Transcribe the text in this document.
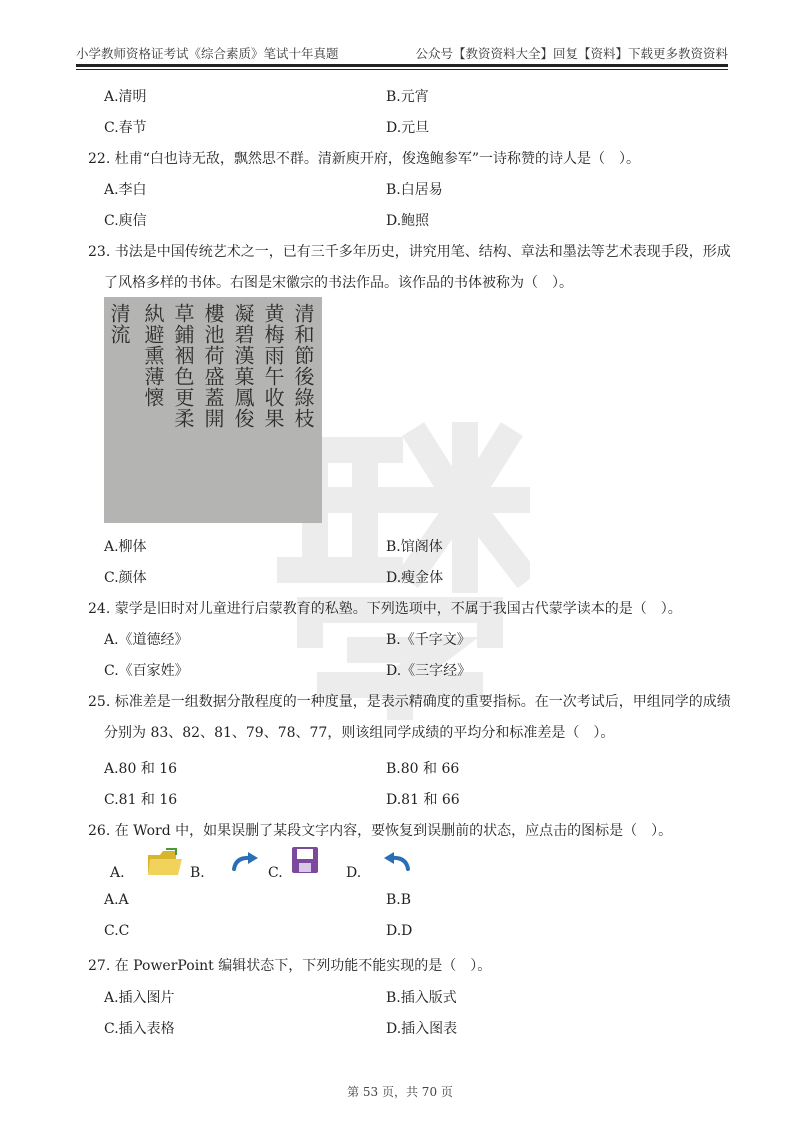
小学教师资格证考试《综合素质》笔试十年真题	公众号【教资资料大全】回复【资料】下载更多教资资料
A.清明	B.元宵
C.春节	D.元旦
22. 杜甫“白也诗无敌，飘然思不群。清新庾开府，俊逸鲍参军”一诗称赞的诗人是（　）。
A.李白	B.白居易
C.庾信	D.鲍照
23. 书法是中国传统艺术之一，已有三千多年历史，讲究用笔、结构、章法和墨法等艺术表现手段，形成
了风格多样的书体。右图是宋徽宗的书法作品。该作品的书体被称为（　）。
清和節後綠枝
黄梅雨午收果
凝碧漢菓鳳俊
樓池荷盛蓋開
草鋪裀色更柔
紈避熏薄懷
清流
A.柳体	B.馆阁体
C.颜体	D.瘦金体
24. 蒙学是旧时对儿童进行启蒙教育的私塾。下列选项中，不属于我国古代蒙学读本的是（　）。
A.《道德经》	B.《千字文》
C.《百家姓》	D.《三字经》
25. 标准差是一组数据分散程度的一种度量，是表示精确度的重要指标。在一次考试后，甲组同学的成绩
分别为 83、82、81、79、78、77，则该组同学成绩的平均分和标准差是（　）。
A.80 和 16	B.80 和 66
C.81 和 16	D.81 和 66
26. 在 Word 中，如果误删了某段文字内容，要恢复到误删前的状态，应点击的图标是（　）。
A.	B.	C.	D.
A.A	B.B
C.C	D.D
27. 在 PowerPoint 编辑状态下，下列功能不能实现的是（　）。
A.插入图片	B.插入版式
C.插入表格	D.插入图表
第 53 页，共 70 页
